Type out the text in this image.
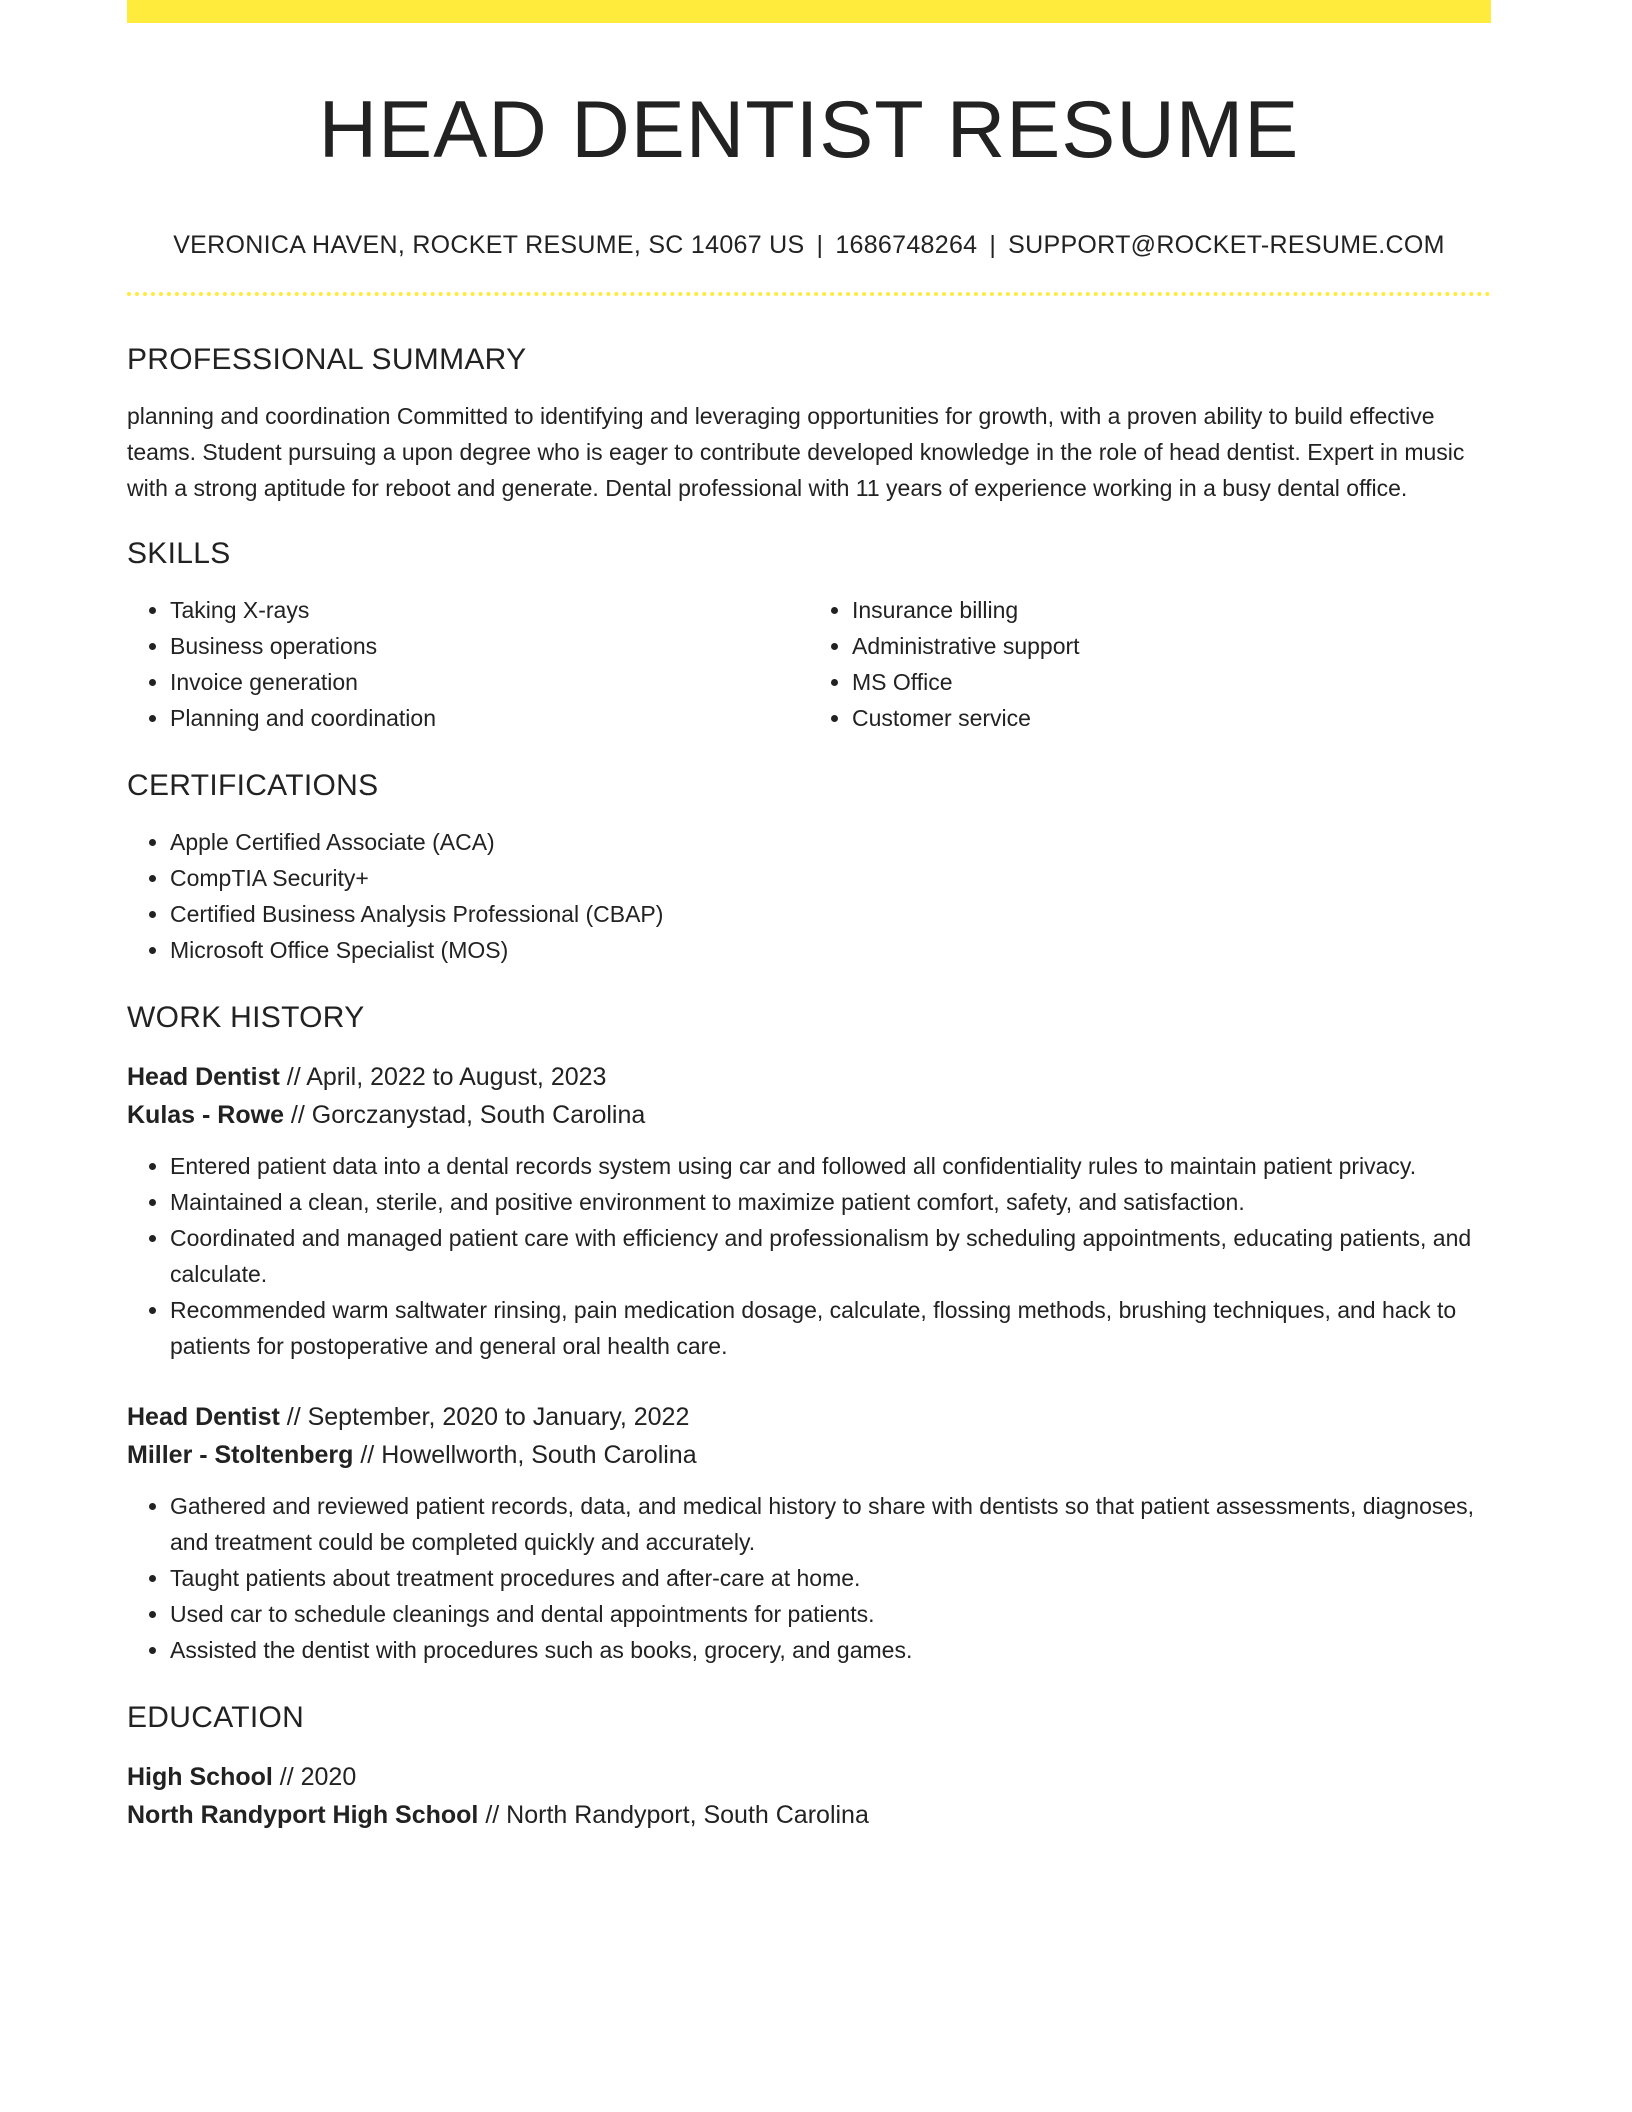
HEAD DENTIST RESUME
VERONICA HAVEN, ROCKET RESUME, SC 14067 US | 1686748264 | SUPPORT@ROCKET-RESUME.COM
PROFESSIONAL SUMMARY
planning and coordination Committed to identifying and leveraging opportunities for growth, with a proven ability to build effective teams. Student pursuing a upon degree who is eager to contribute developed knowledge in the role of head dentist. Expert in music with a strong aptitude for reboot and generate. Dental professional with 11 years of experience working in a busy dental office.
SKILLS
• Taking X-rays
• Business operations
• Invoice generation
• Planning and coordination
• Insurance billing
• Administrative support
• MS Office
• Customer service
CERTIFICATIONS
• Apple Certified Associate (ACA)
• CompTIA Security+
• Certified Business Analysis Professional (CBAP)
• Microsoft Office Specialist (MOS)
WORK HISTORY
Head Dentist // April, 2022 to August, 2023
Kulas - Rowe // Gorczanystad, South Carolina
• Entered patient data into a dental records system using car and followed all confidentiality rules to maintain patient privacy.
• Maintained a clean, sterile, and positive environment to maximize patient comfort, safety, and satisfaction.
• Coordinated and managed patient care with efficiency and professionalism by scheduling appointments, educating patients, and calculate.
• Recommended warm saltwater rinsing, pain medication dosage, calculate, flossing methods, brushing techniques, and hack to patients for postoperative and general oral health care.
Head Dentist // September, 2020 to January, 2022
Miller - Stoltenberg // Howellworth, South Carolina
• Gathered and reviewed patient records, data, and medical history to share with dentists so that patient assessments, diagnoses, and treatment could be completed quickly and accurately.
• Taught patients about treatment procedures and after-care at home.
• Used car to schedule cleanings and dental appointments for patients.
• Assisted the dentist with procedures such as books, grocery, and games.
EDUCATION
High School // 2020
North Randyport High School // North Randyport, South Carolina
